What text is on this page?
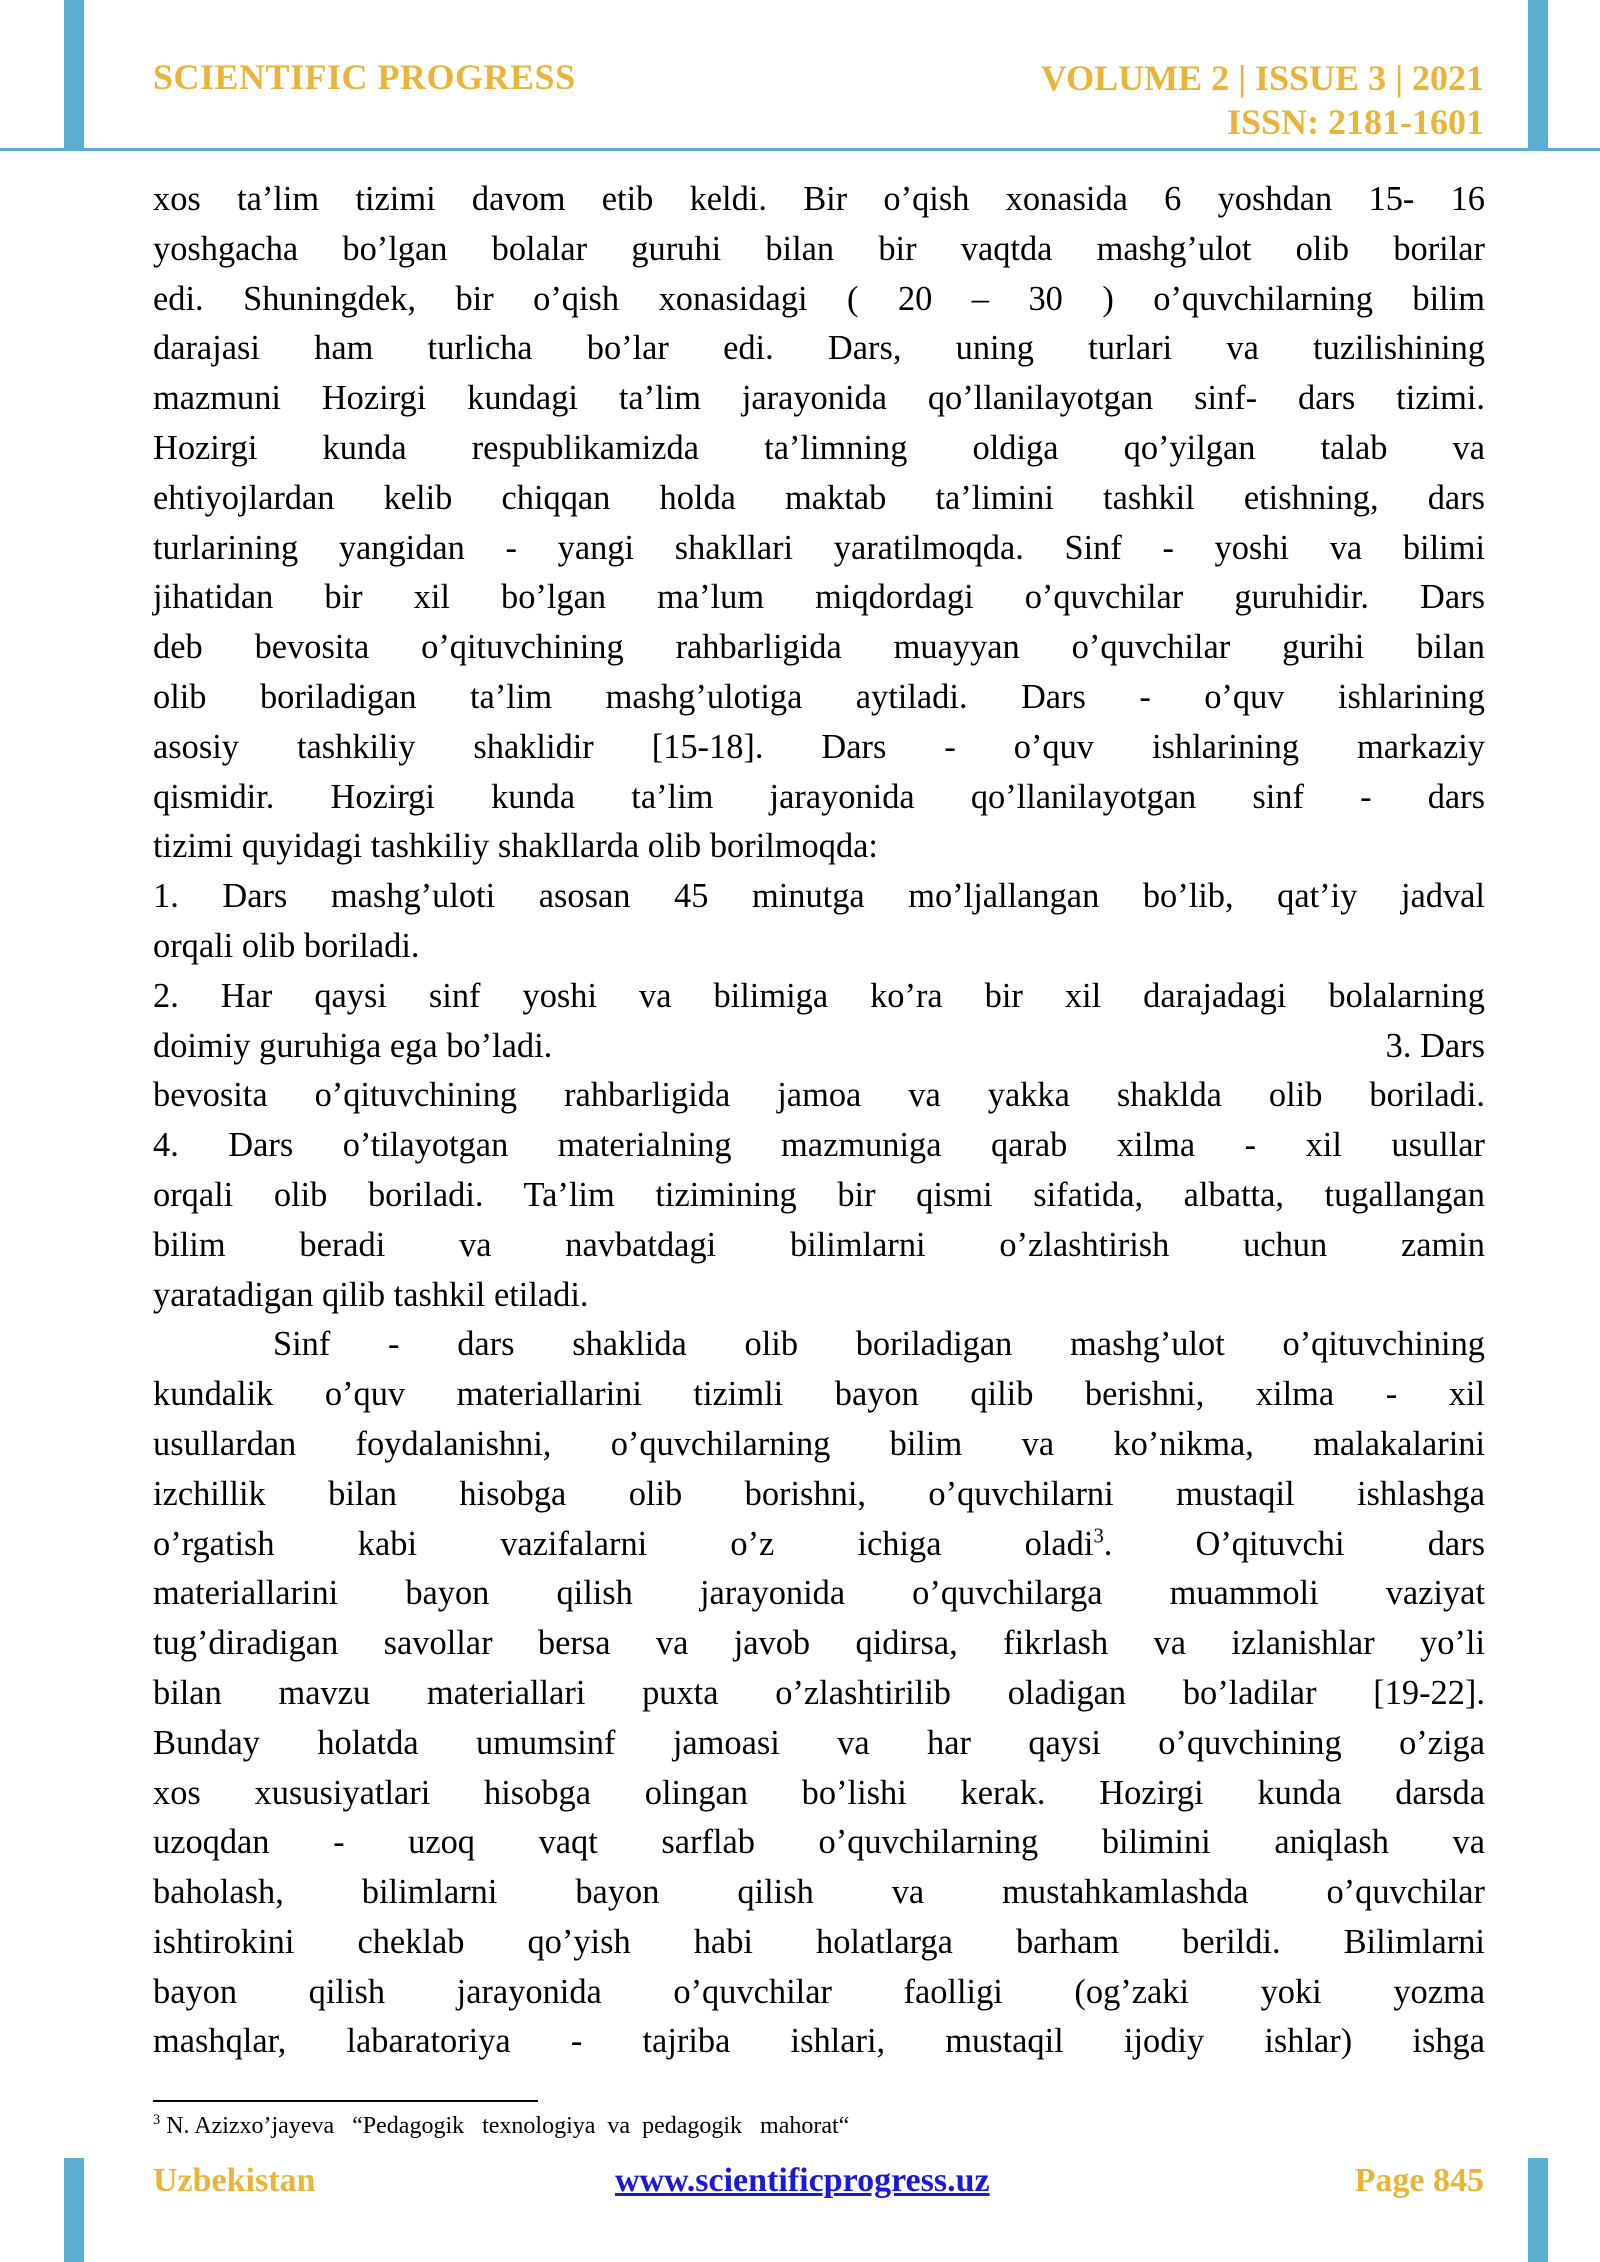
SCIENTIFIC PROGRESS	VOLUME 2 | ISSUE 3 | 2021
ISSN: 2181-1601
xos ta’lim tizimi davom etib keldi. Bir o’qish xonasida 6 yoshdan 15- 16
yoshgacha bo’lgan bolalar guruhi bilan bir vaqtda mashg’ulot olib borilar
edi. Shuningdek, bir o’qish xonasidagi ( 20 – 30 ) o’quvchilarning bilim
darajasi ham turlicha bo’lar edi. Dars, uning turlari va tuzilishining
mazmuni Hozirgi kundagi ta’lim jarayonida qo’llanilayotgan sinf- dars tizimi.
Hozirgi kunda respublikamizda ta’limning oldiga qo’yilgan talab va
ehtiyojlardan kelib chiqqan holda maktab ta’limini tashkil etishning, dars
turlarining yangidan - yangi shakllari yaratilmoqda. Sinf - yoshi va bilimi
jihatidan bir xil bo’lgan ma’lum miqdordagi o’quvchilar guruhidir. Dars
deb bevosita o’qituvchining rahbarligida muayyan o’quvchilar gurihi bilan
olib boriladigan ta’lim mashg’ulotiga aytiladi. Dars - o’quv ishlarining
asosiy tashkiliy shaklidir [15-18]. Dars - o’quv ishlarining markaziy
qismidir. Hozirgi kunda ta’lim jarayonida qo’llanilayotgan sinf - dars
tizimi quyidagi tashkiliy shakllarda olib borilmoqda:
1. Dars mashg’uloti asosan 45 minutga mo’ljallangan bo’lib, qat’iy jadval
orqali olib boriladi.
2. Har qaysi sinf yoshi va bilimiga ko’ra bir xil darajadagi bolalarning
doimiy guruhiga ega bo’ladi.	3. Dars
bevosita o’qituvchining rahbarligida jamoa va yakka shaklda olib boriladi.
4. Dars o’tilayotgan materialning mazmuniga qarab xilma - xil usullar
orqali olib boriladi. Ta’lim tizimining bir qismi sifatida, albatta, tugallangan
bilim beradi va navbatdagi bilimlarni o’zlashtirish uchun zamin
yaratadigan qilib tashkil etiladi.
Sinf - dars shaklida olib boriladigan mashg’ulot o’qituvchining
kundalik o’quv materiallarini tizimli bayon qilib berishni, xilma - xil
usullardan foydalanishni, o’quvchilarning bilim va ko’nikma, malakalarini
izchillik bilan hisobga olib borishni, o’quvchilarni mustaqil ishlashga
o’rgatish kabi vazifalarni o’z ichiga oladi$^3$. O’qituvchi dars
materiallarini bayon qilish jarayonida o’quvchilarga muammoli vaziyat
tug’diradigan savollar bersa va javob qidirsa, fikrlash va izlanishlar yo’li
bilan mavzu materiallari puxta o’zlashtirilib oladigan bo’ladilar [19-22].
Bunday holatda umumsinf jamoasi va har qaysi o’quvchining o’ziga
xos xususiyatlari hisobga olingan bo’lishi kerak. Hozirgi kunda darsda
uzoqdan - uzoq vaqt sarflab o’quvchilarning bilimini aniqlash va
baholash, bilimlarni bayon qilish va mustahkamlashda o’quvchilar
ishtirokini cheklab qo’yish habi holatlarga barham berildi. Bilimlarni
bayon qilish jarayonida o’quvchilar faolligi (og’zaki yoki yozma
mashqlar, labaratoriya - tajriba ishlari, mustaqil ijodiy ishlar) ishga
$^3$ N. Azizxo’jayeva   “Pedagogik   texnologiya  va  pedagogik   mahorat“
Uzbekistan	www.scientificprogress.uz	Page 845
